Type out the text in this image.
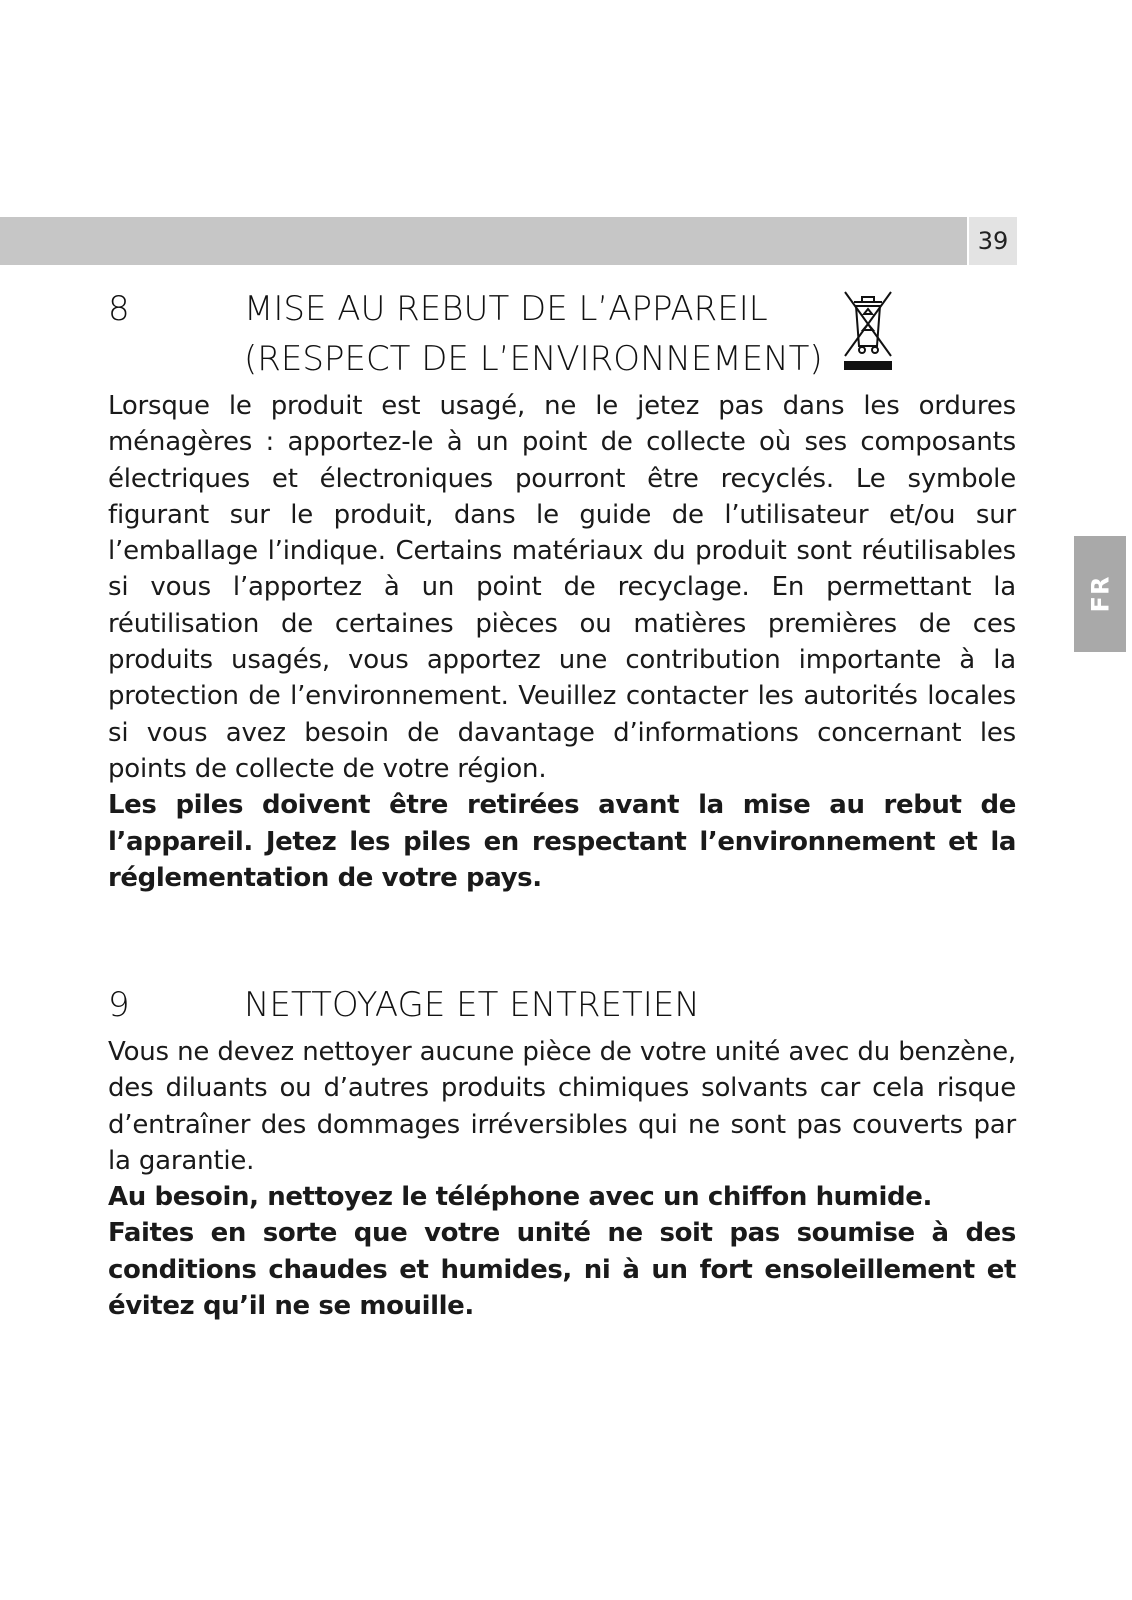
39
FR
8	MISE AU REBUT DE L’APPAREIL
(RESPECT DE L’ENVIRONNEMENT)

Lorsque le produit est usagé, ne le jetez pas dans les ordures ménagères : apportez-le à un point de collecte où ses composants électriques et électroniques pourront être recyclés. Le symbole figurant sur le produit, dans le guide de l’utilisateur et/ou sur l’emballage l’indique. Certains matériaux du produit sont réutilisables si vous l’apportez à un point de recyclage. En permettant la réutilisation de certaines pièces ou matières premières de ces produits usagés, vous apportez une contribution importante à la protection de l’environnement. Veuillez contacter les autorités locales si vous avez besoin de davantage d’informations concernant les points de collecte de votre région.

Les piles doivent être retirées avant la mise au rebut de l’appareil. Jetez les piles en respectant l’environnement et la réglementation de votre pays.

9	NETTOYAGE ET ENTRETIEN

Vous ne devez nettoyer aucune pièce de votre unité avec du benzène, des diluants ou d’autres produits chimiques solvants car cela risque d’entraîner des dommages irréversibles qui ne sont pas couverts par la garantie.

Au besoin, nettoyez le téléphone avec un chiffon humide.

Faites en sorte que votre unité ne soit pas soumise à des conditions chaudes et humides, ni à un fort ensoleillement et évitez qu’il ne se mouille.
